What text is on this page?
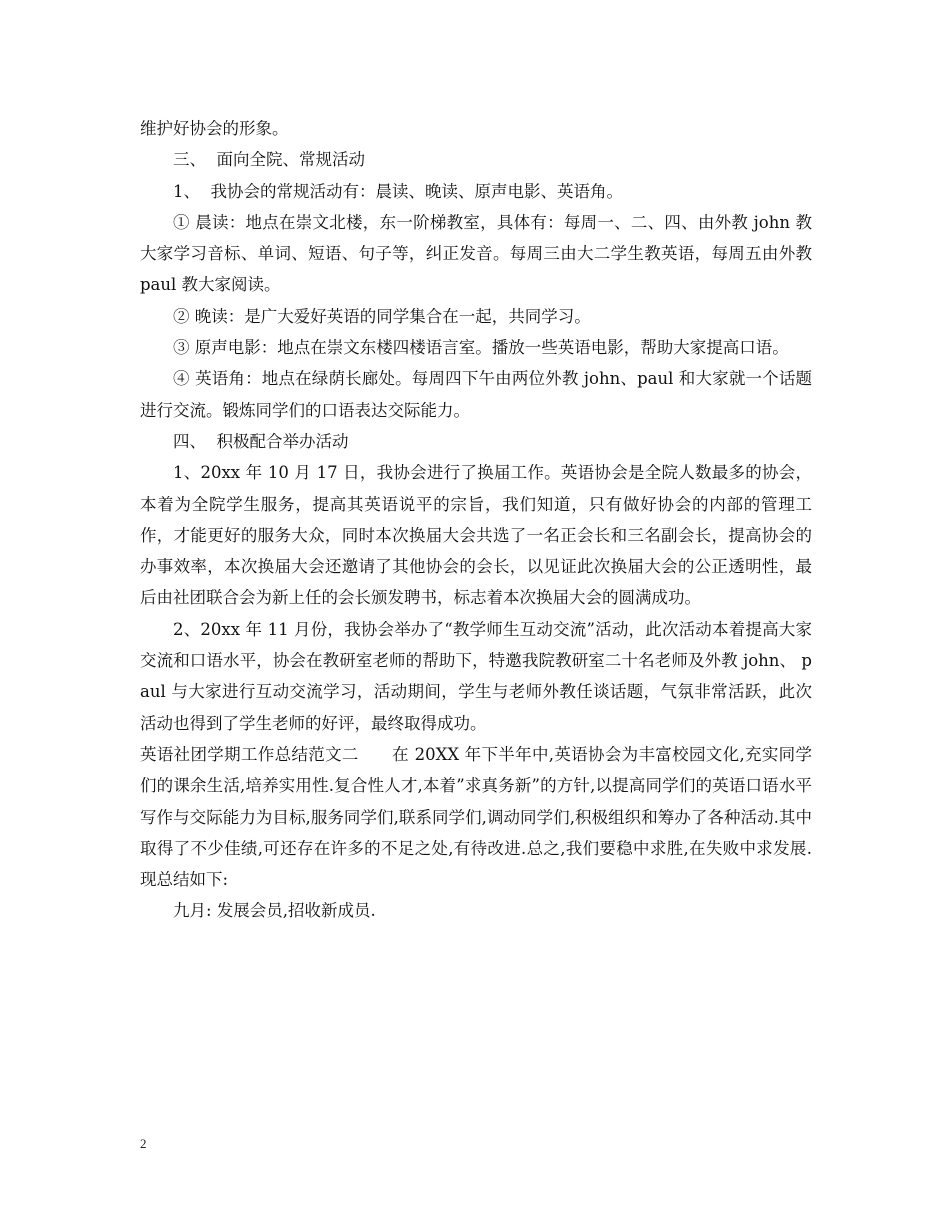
维护好协会的形象。

三、  面向全院、常规活动

1、  我协会的常规活动有：晨读、晚读、原声电影、英语角。

① 晨读：地点在崇文北楼，东一阶梯教室，具体有：每周一、二、四、由外教 john 教大家学习音标、单词、短语、句子等，纠正发音。每周三由大二学生教英语，每周五由外教 paul 教大家阅读。

② 晚读：是广大爱好英语的同学集合在一起，共同学习。

③ 原声电影：地点在崇文东楼四楼语言室。播放一些英语电影，帮助大家提高口语。

④ 英语角：地点在绿荫长廊处。每周四下午由两位外教 john、paul 和大家就一个话题进行交流。锻炼同学们的口语表达交际能力。

四、  积极配合举办活动

1、20xx 年 10 月 17 日，我协会进行了换届工作。英语协会是全院人数最多的协会，本着为全院学生服务，提高其英语说平的宗旨，我们知道，只有做好协会的内部的管理工作，才能更好的服务大众，同时本次换届大会共选了一名正会长和三名副会长，提高协会的办事效率，本次换届大会还邀请了其他协会的会长，以见证此次换届大会的公正透明性，最后由社团联合会为新上任的会长颁发聘书，标志着本次换届大会的圆满成功。

2、20xx 年 11 月份，我协会举办了“教学师生互动交流”活动，此次活动本着提高大家交流和口语水平，协会在教研室老师的帮助下，特邀我院教研室二十名老师及外教 john、 paul 与大家进行互动交流学习，活动期间，学生与老师外教任谈话题，气氛非常活跃，此次活动也得到了学生老师的好评，最终取得成功。

英语社团学期工作总结范文二      在 20XX 年下半年中,英语协会为丰富校园文化,充实同学们的课余生活,培养实用性.复合性人才,本着”求真务新”的方针,以提高同学们的英语口语水平写作与交际能力为目标,服务同学们,联系同学们,调动同学们,积极组织和筹办了各种活动.其中取得了不少佳绩,可还存在许多的不足之处,有待改进.总之,我们要稳中求胜,在失败中求发展.现总结如下:

九月: 发展会员,招收新成员.

2
